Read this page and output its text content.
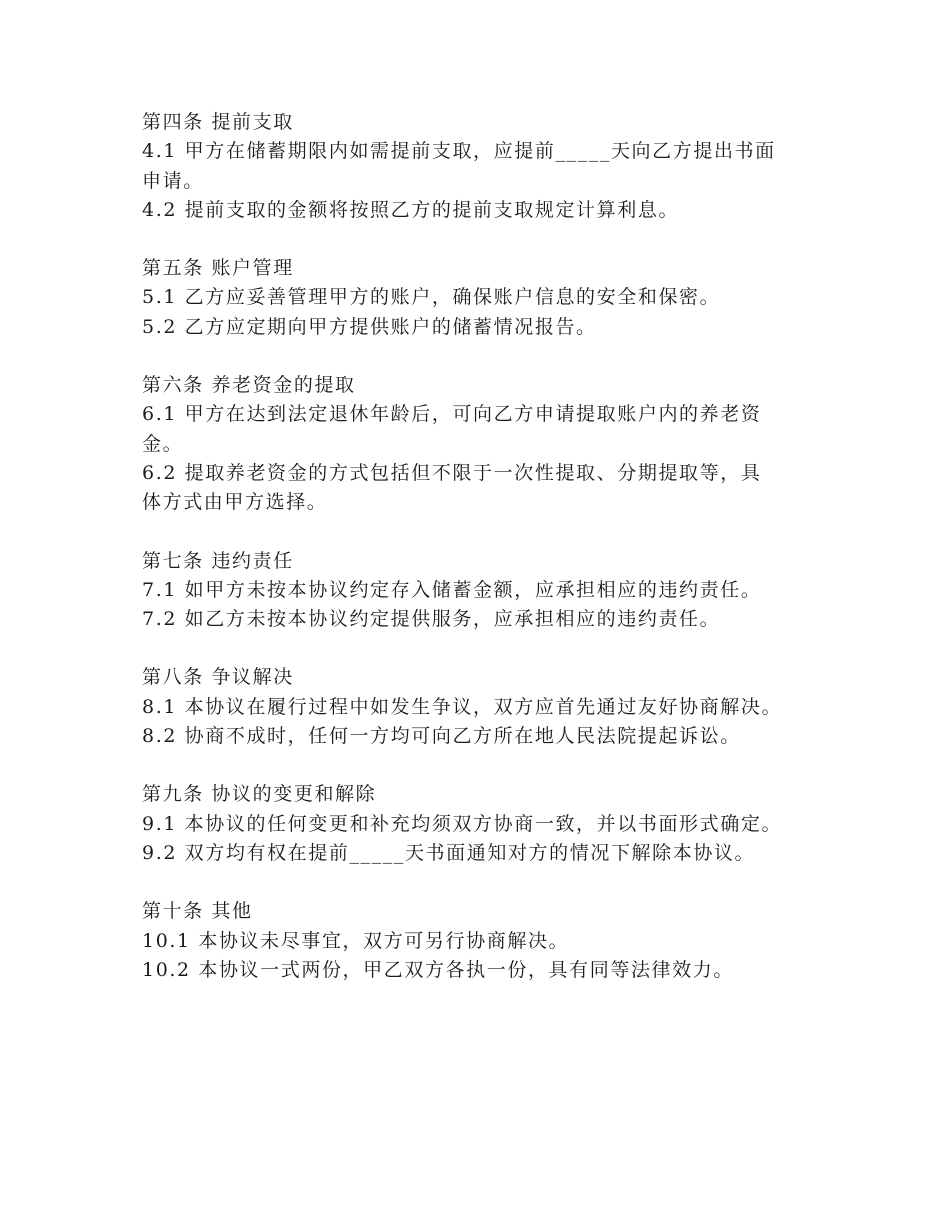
第四条 提前支取

4.1 甲方在储蓄期限内如需提前支取，应提前_____天向乙方提出书面

申请。

4.2 提前支取的金额将按照乙方的提前支取规定计算利息。

第五条 账户管理

5.1 乙方应妥善管理甲方的账户，确保账户信息的安全和保密。

5.2 乙方应定期向甲方提供账户的储蓄情况报告。

第六条 养老资金的提取

6.1 甲方在达到法定退休年龄后，可向乙方申请提取账户内的养老资

金。

6.2 提取养老资金的方式包括但不限于一次性提取、分期提取等，具

体方式由甲方选择。

第七条 违约责任

7.1 如甲方未按本协议约定存入储蓄金额，应承担相应的违约责任。

7.2 如乙方未按本协议约定提供服务，应承担相应的违约责任。

第八条 争议解决

8.1 本协议在履行过程中如发生争议，双方应首先通过友好协商解决。

8.2 协商不成时，任何一方均可向乙方所在地人民法院提起诉讼。

第九条 协议的变更和解除

9.1 本协议的任何变更和补充均须双方协商一致，并以书面形式确定。

9.2 双方均有权在提前_____天书面通知对方的情况下解除本协议。

第十条 其他

10.1 本协议未尽事宜，双方可另行协商解决。

10.2 本协议一式两份，甲乙双方各执一份，具有同等法律效力。
